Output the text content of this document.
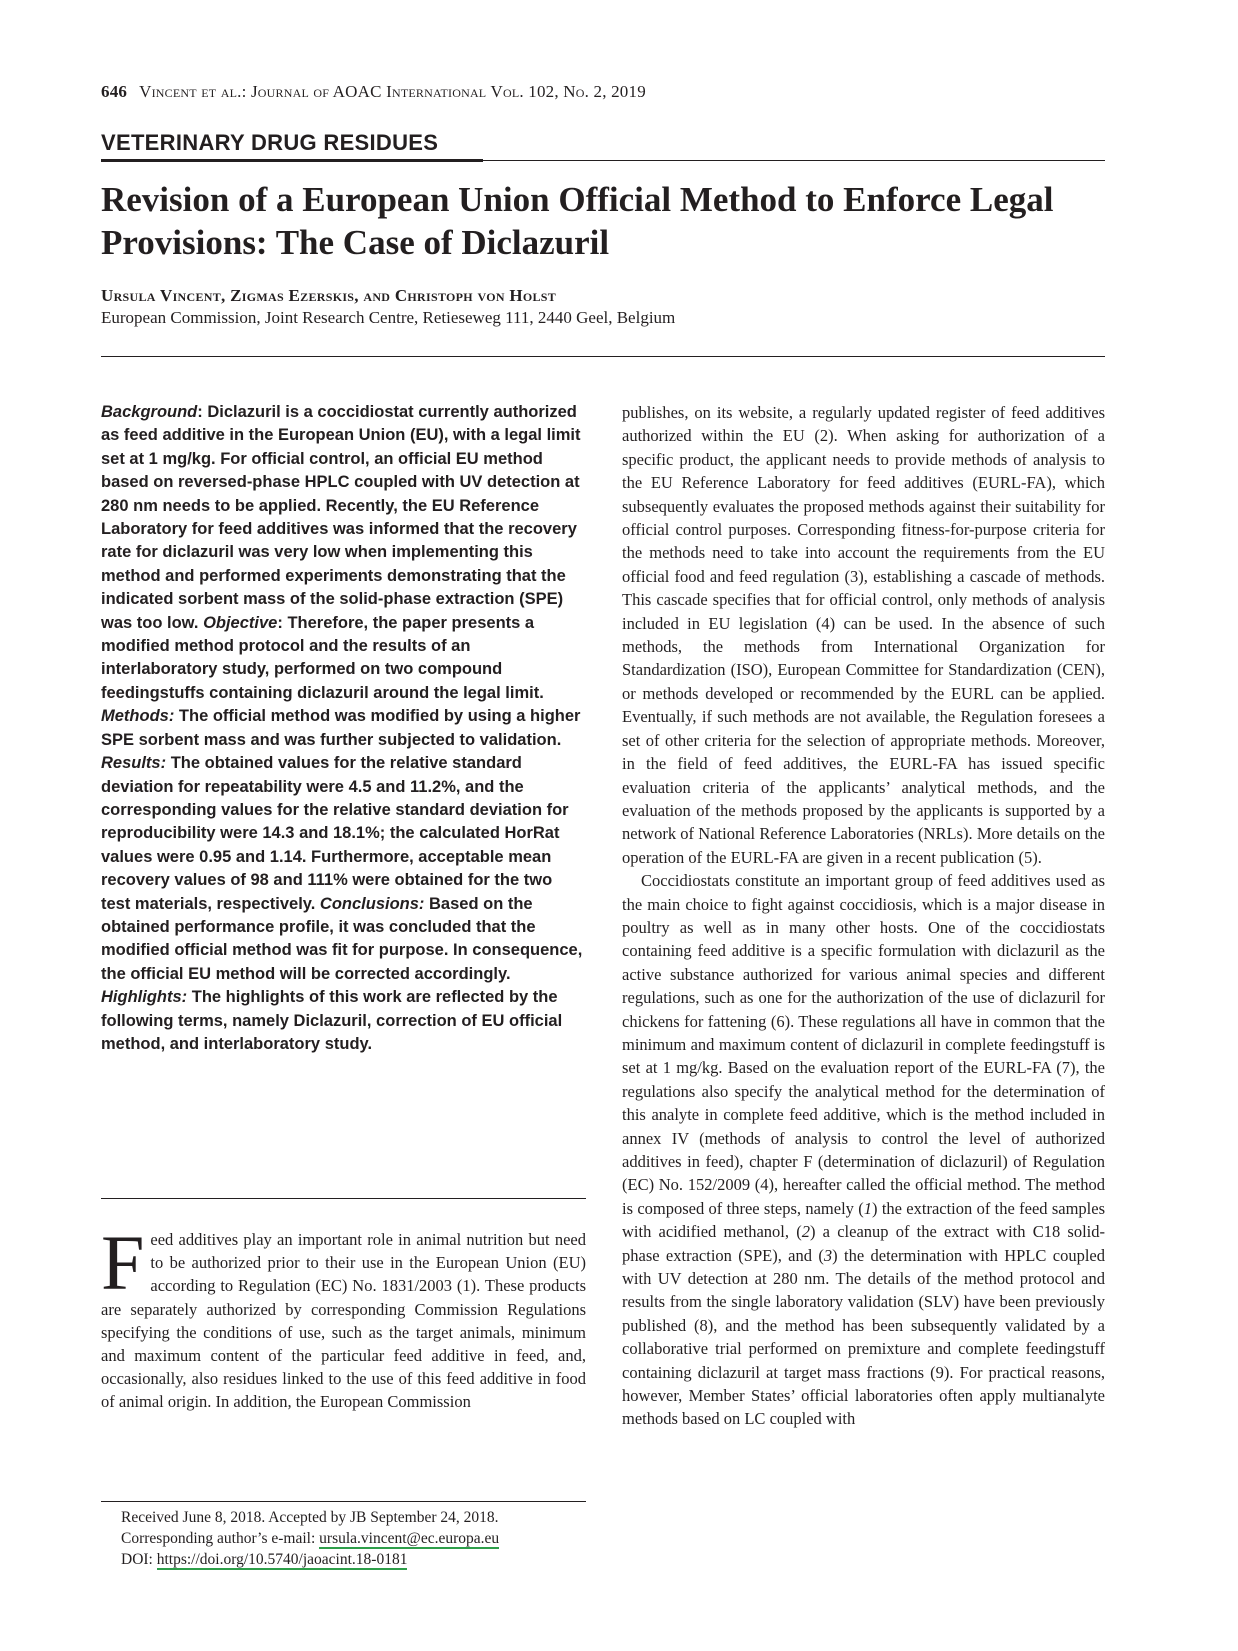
646 Vincent et al.: Journal of AOAC International Vol. 102, No. 2, 2019
VETERINARY DRUG RESIDUES
Revision of a European Union Official Method to Enforce Legal Provisions: The Case of Diclazuril
Ursula Vincent, Zigmas Ezerskis, and Christoph von Holst
European Commission, Joint Research Centre, Retieseweg 111, 2440 Geel, Belgium

Background: Diclazuril is a coccidiostat currently authorized as feed additive in the European Union (EU), with a legal limit set at 1 mg/kg. For official control, an official EU method based on reversed-phase HPLC coupled with UV detection at 280 nm needs to be applied. Recently, the EU Reference Laboratory for feed additives was informed that the recovery rate for diclazuril was very low when implementing this method and performed experiments demonstrating that the indicated sorbent mass of the solid-phase extraction (SPE) was too low. Objective: Therefore, the paper presents a modified method protocol and the results of an interlaboratory study, performed on two compound feedingstuffs containing diclazuril around the legal limit. Methods: The official method was modified by using a higher SPE sorbent mass and was further subjected to validation. Results: The obtained values for the relative standard deviation for repeatability were 4.5 and 11.2%, and the corresponding values for the relative standard deviation for reproducibility were 14.3 and 18.1%; the calculated HorRat values were 0.95 and 1.14. Furthermore, acceptable mean recovery values of 98 and 111% were obtained for the two test materials, respectively. Conclusions: Based on the obtained performance profile, it was concluded that the modified official method was fit for purpose. In consequence, the official EU method will be corrected accordingly. Highlights: The highlights of this work are reflected by the following terms, namely Diclazuril, correction of EU official method, and interlaboratory study.

Feed additives play an important role in animal nutrition but need to be authorized prior to their use in the European Union (EU) according to Regulation (EC) No. 1831/2003 (1). These products are separately authorized by corresponding Commission Regulations specifying the conditions of use, such as the target animals, minimum and maximum content of the particular feed additive in feed, and, occasionally, also residues linked to the use of this feed additive in food of animal origin. In addition, the European Commission

Received June 8, 2018. Accepted by JB September 24, 2018.
Corresponding author’s e-mail: ursula.vincent@ec.europa.eu
DOI: https://doi.org/10.5740/jaoacint.18-0181

publishes, on its website, a regularly updated register of feed additives authorized within the EU (2). When asking for authorization of a specific product, the applicant needs to provide methods of analysis to the EU Reference Laboratory for feed additives (EURL-FA), which subsequently evaluates the proposed methods against their suitability for official control purposes. Corresponding fitness-for-purpose criteria for the methods need to take into account the requirements from the EU official food and feed regulation (3), establishing a cascade of methods. This cascade specifies that for official control, only methods of analysis included in EU legislation (4) can be used. In the absence of such methods, the methods from International Organization for Standardization (ISO), European Committee for Standardization (CEN), or methods developed or recommended by the EURL can be applied. Eventually, if such methods are not available, the Regulation foresees a set of other criteria for the selection of appropriate methods. Moreover, in the field of feed additives, the EURL-FA has issued specific evaluation criteria of the applicants’ analytical methods, and the evaluation of the methods proposed by the applicants is supported by a network of National Reference Laboratories (NRLs). More details on the operation of the EURL-FA are given in a recent publication (5).

Coccidiostats constitute an important group of feed additives used as the main choice to fight against coccidiosis, which is a major disease in poultry as well as in many other hosts. One of the coccidiostats containing feed additive is a specific formulation with diclazuril as the active substance authorized for various animal species and different regulations, such as one for the authorization of the use of diclazuril for chickens for fattening (6). These regulations all have in common that the minimum and maximum content of diclazuril in complete feedingstuff is set at 1 mg/kg. Based on the evaluation report of the EURL-FA (7), the regulations also specify the analytical method for the determination of this analyte in complete feed additive, which is the method included in annex IV (methods of analysis to control the level of authorized additives in feed), chapter F (determination of diclazuril) of Regulation (EC) No. 152/2009 (4), hereafter called the official method. The method is composed of three steps, namely (1) the extraction of the feed samples with acidified methanol, (2) a cleanup of the extract with C18 solid-phase extraction (SPE), and (3) the determination with HPLC coupled with UV detection at 280 nm. The details of the method protocol and results from the single laboratory validation (SLV) have been previously published (8), and the method has been subsequently validated by a collaborative trial performed on premixture and complete feedingstuff containing diclazuril at target mass fractions (9). For practical reasons, however, Member States’ official laboratories often apply multianalyte methods based on LC coupled with
